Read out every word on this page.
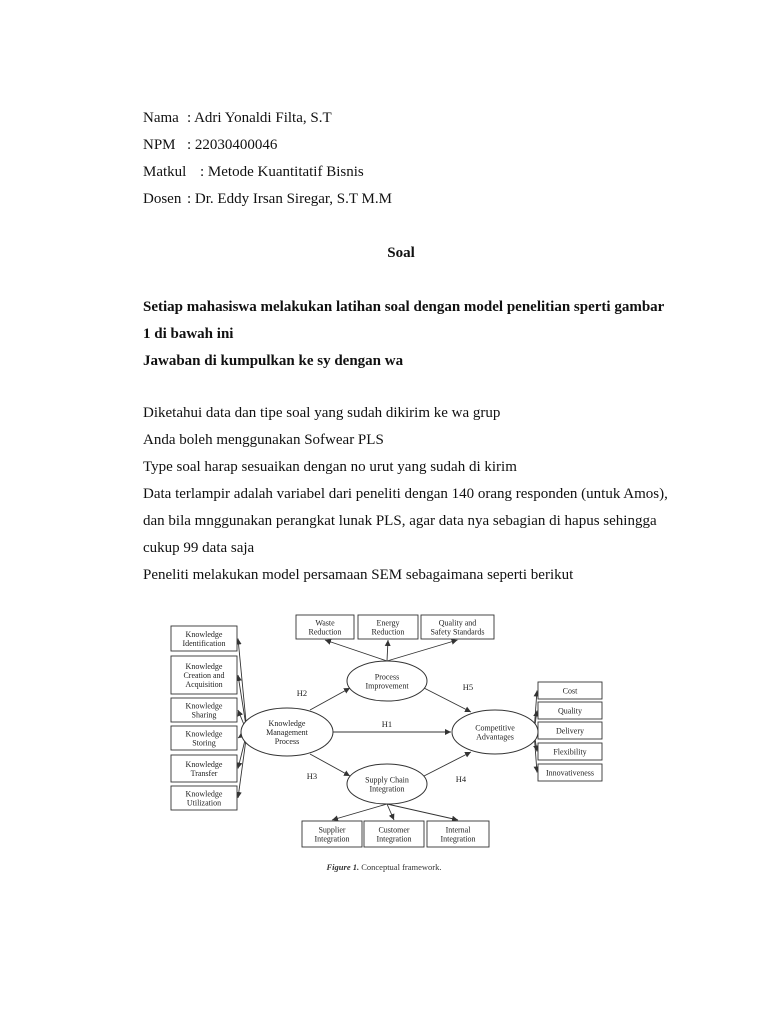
Nama : Adri Yonaldi Filta, S.T
NPM : 22030400046
Matkul : Metode Kuantitatif Bisnis
Dosen : Dr. Eddy Irsan Siregar, S.T M.M
Soal
Setiap mahasiswa melakukan latihan soal dengan model penelitian sperti gambar
1 di bawah ini
Jawaban di kumpulkan ke sy dengan wa
Diketahui data dan tipe soal yang sudah dikirim ke wa grup
Anda boleh menggunakan Sofwear PLS
Type soal harap sesuaikan dengan no urut yang sudah di kirim
Data terlampir adalah variabel dari peneliti dengan 140 orang responden (untuk Amos),
dan bila mnggunakan perangkat lunak PLS, agar data nya sebagian di hapus sehingga
cukup 99 data saja
Peneliti melakukan model persamaan SEM sebagaimana seperti berikut
Knowledge
Identification
Knowledge
Creation and
Acquisition
Knowledge
Sharing
Knowledge
Storing
Knowledge
Transfer
Knowledge
Utilization
Waste
Reduction
Energy
Reduction
Quality and
Safety Standards
Cost
Quality
Delivery
Flexibility
Innovativeness
Supplier
Integration
Customer
Integration
Internal
Integration
Knowledge
Management
Process
Process
Improvement
Competitive
Advantages
Supply Chain
Integration
H1
H2
H3	H4
H5
Figure 1. Conceptual framework.
